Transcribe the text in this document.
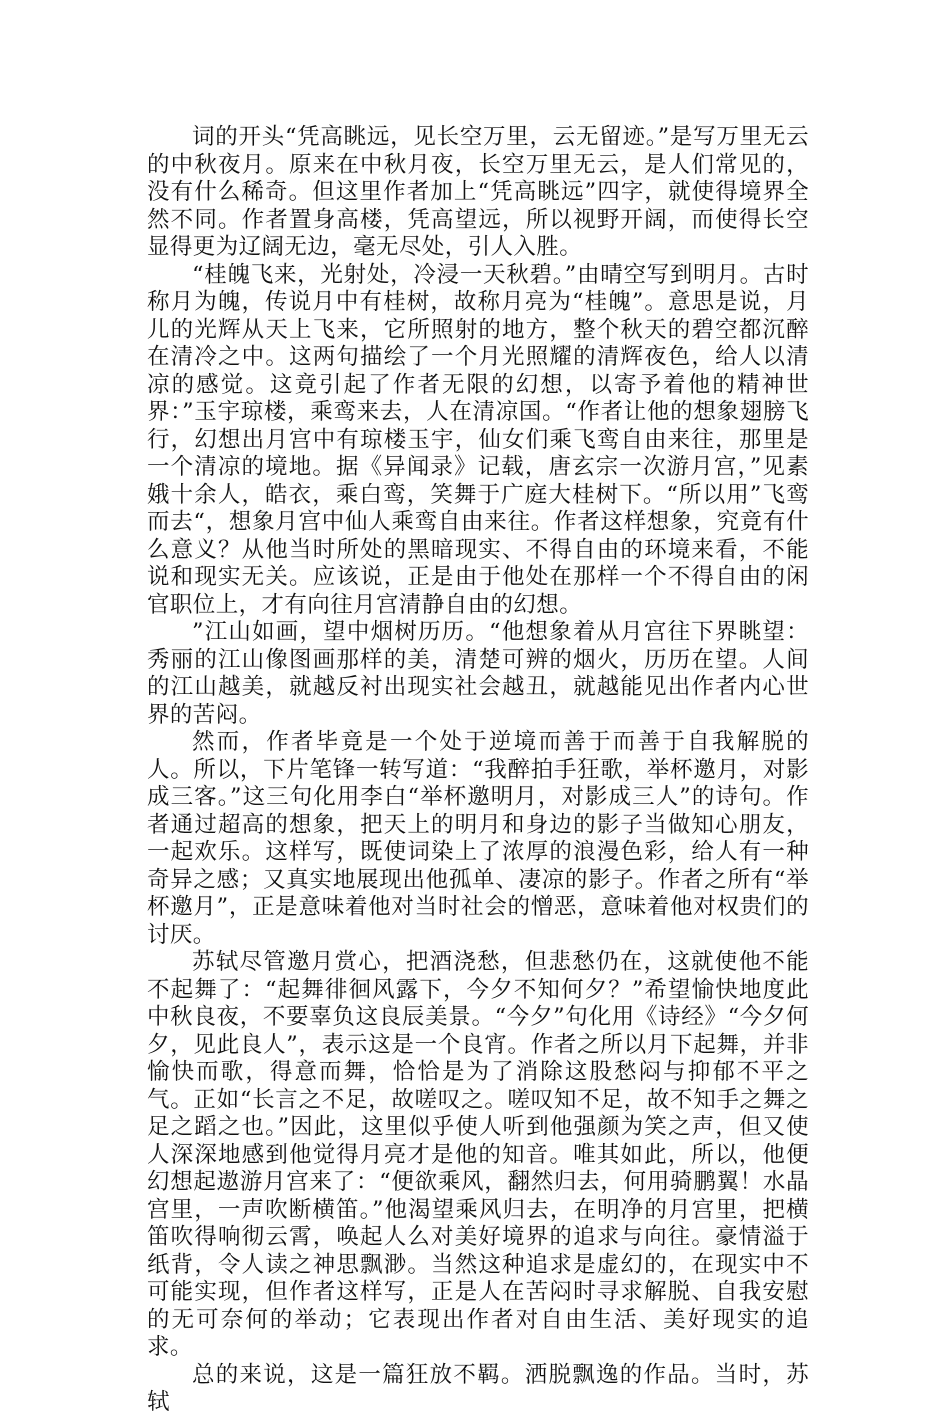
词的开头“凭高眺远，见长空万里，云无留迹。”是写万里无云的中秋夜月。原来在中秋月夜，长空万里无云，是人们常见的，没有什么稀奇。但这里作者加上“凭高眺远”四字，就使得境界全然不同。作者置身高楼，凭高望远，所以视野开阔，而使得长空显得更为辽阔无边，毫无尽处，引人入胜。

“桂魄飞来，光射处，冷浸一天秋碧。”由晴空写到明月。古时称月为魄，传说月中有桂树，故称月亮为“桂魄”。意思是说，月儿的光辉从天上飞来，它所照射的地方，整个秋天的碧空都沉醉在清冷之中。这两句描绘了一个月光照耀的清辉夜色，给人以清凉的感觉。这竟引起了作者无限的幻想，以寄予着他的精神世界：”玉宇琼楼，乘鸾来去，人在清凉国。“作者让他的想象翅膀飞行，幻想出月宫中有琼楼玉宇，仙女们乘飞鸾自由来往，那里是一个清凉的境地。据《异闻录》记载，唐玄宗一次游月宫，”见素娥十余人，皓衣，乘白鸾，笑舞于广庭大桂树下。“所以用”飞鸾而去“，想象月宫中仙人乘鸾自由来往。作者这样想象，究竟有什么意义？从他当时所处的黑暗现实、不得自由的环境来看，不能说和现实无关。应该说，正是由于他处在那样一个不得自由的闲官职位上，才有向往月宫清静自由的幻想。

”江山如画，望中烟树历历。“他想象着从月宫往下界眺望：秀丽的江山像图画那样的美，清楚可辨的烟火，历历在望。人间的江山越美，就越反衬出现实社会越丑，就越能见出作者内心世界的苦闷。

然而，作者毕竟是一个处于逆境而善于而善于自我解脱的人。所以，下片笔锋一转写道：“我醉拍手狂歌，举杯邀月，对影成三客。”这三句化用李白“举杯邀明月，对影成三人”的诗句。作者通过超高的想象，把天上的明月和身边的影子当做知心朋友，一起欢乐。这样写，既使词染上了浓厚的浪漫色彩，给人有一种奇异之感；又真实地展现出他孤单、凄凉的影子。作者之所有“举杯邀月”，正是意味着他对当时社会的憎恶，意味着他对权贵们的讨厌。

苏轼尽管邀月赏心，把酒浇愁，但悲愁仍在，这就使他不能不起舞了：“起舞徘徊风露下，今夕不知何夕？”希望愉快地度此中秋良夜，不要辜负这良辰美景。“今夕”句化用《诗经》“今夕何夕，见此良人”，表示这是一个良宵。作者之所以月下起舞，并非愉快而歌，得意而舞，恰恰是为了消除这股愁闷与抑郁不平之气。正如“长言之不足，故嗟叹之。嗟叹知不足，故不知手之舞之足之蹈之也。”因此，这里似乎使人听到他强颜为笑之声，但又使人深深地感到他觉得月亮才是他的知音。唯其如此，所以，他便幻想起遨游月宫来了：“便欲乘风，翻然归去，何用骑鹏翼！水晶宫里，一声吹断横笛。”他渴望乘风归去，在明净的月宫里，把横笛吹得响彻云霄，唤起人么对美好境界的追求与向往。豪情溢于纸背，令人读之神思飘渺。当然这种追求是虚幻的，在现实中不可能实现，但作者这样写，正是人在苦闷时寻求解脱、自我安慰的无可奈何的举动；它表现出作者对自由生活、美好现实的追求。

总的来说，这是一篇狂放不羁。洒脱飘逸的作品。当时，苏轼
